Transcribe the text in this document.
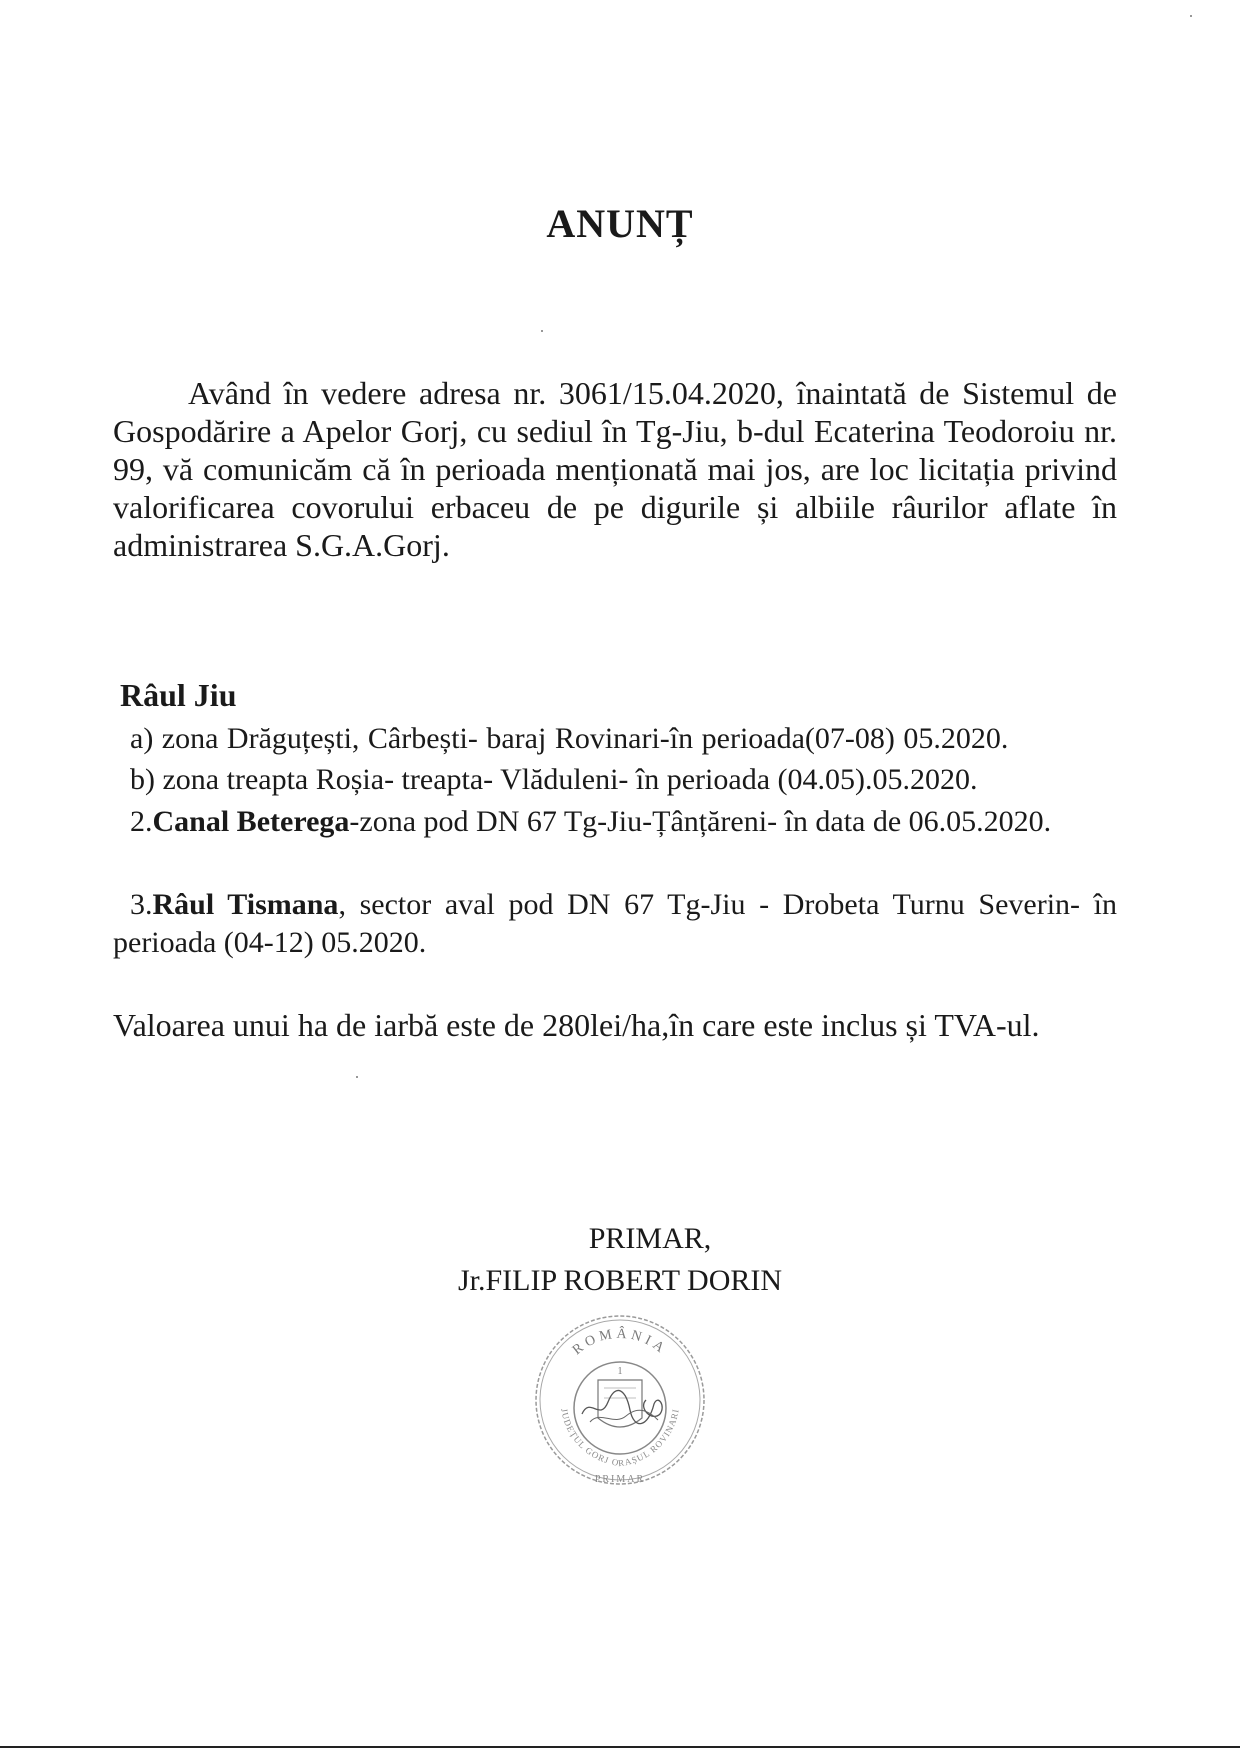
ANUNȚ

Având în vedere adresa nr. 3061/15.04.2020, înaintată de Sistemul de Gospodărire a Apelor Gorj, cu sediul în Tg-Jiu, b-dul Ecaterina Teodoroiu nr. 99, vă comunicăm că în perioada menționată mai jos, are loc licitația privind valorificarea covorului erbaceu de pe digurile și albiile râurilor aflate în administrarea S.G.A.Gorj.

Râul Jiu
a) zona Drăguțești, Cârbești- baraj Rovinari-în perioada(07-08) 05.2020.
b) zona treapta Roșia- treapta- Vlăduleni- în perioada (04.05).05.2020.
2.Canal Beterega-zona pod DN 67 Tg-Jiu-Țânțăreni- în data de 06.05.2020.
3.Râul Tismana, sector aval pod DN 67 Tg-Jiu - Drobeta Turnu Severin- în perioada (04-12) 05.2020.

Valoarea unui ha de iarbă este de 280lei/ha,în care este inclus și TVA-ul.

PRIMAR,
Jr.FILIP ROBERT DORIN
ROMÂNIA
JUDEȚUL GORJ ORAȘUL ROVINARI
PRIMAR
1
